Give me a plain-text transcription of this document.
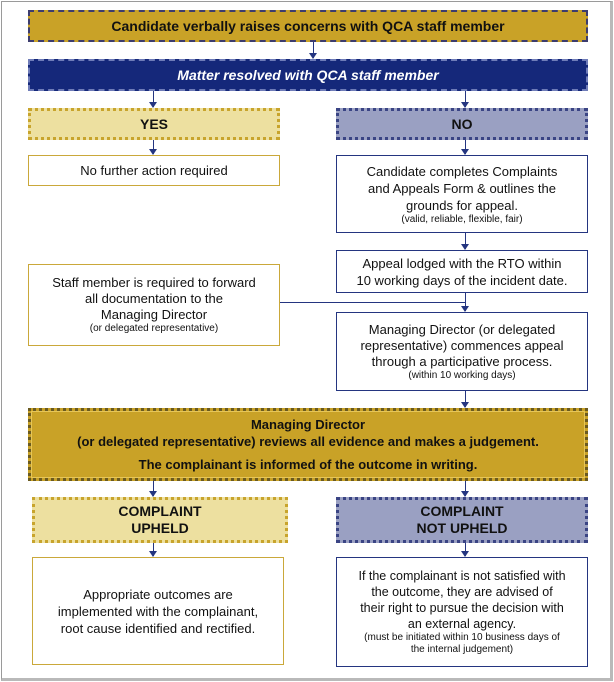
Candidate verbally raises concerns with QCA staff member
Matter resolved with QCA staff member
YES	NO
No further action required	Candidate completes Complaints
and Appeals Form & outlines the
grounds for appeal.
(valid, reliable, flexible, fair)
Appeal lodged with the RTO within
10 working days of the incident date.
Staff member is required to forward
all documentation to the
Managing Director
(or delegated representative)	Managing Director (or delegated
representative) commences appeal
through a participative process.
(within 10 working days)
Managing Director
(or delegated representative) reviews all evidence and makes a judgement.
The complainant is informed of the outcome in writing.
COMPLAINT
UPHELD
COMPLAINT
NOT UPHELD
Appropriate outcomes are
implemented with the complainant,
root cause identified and rectified.
If the complainant is not satisfied with
the outcome, they are advised of
their right to pursue the decision with
an external agency.
(must be initiated within 10 business days of
the internal judgement)
